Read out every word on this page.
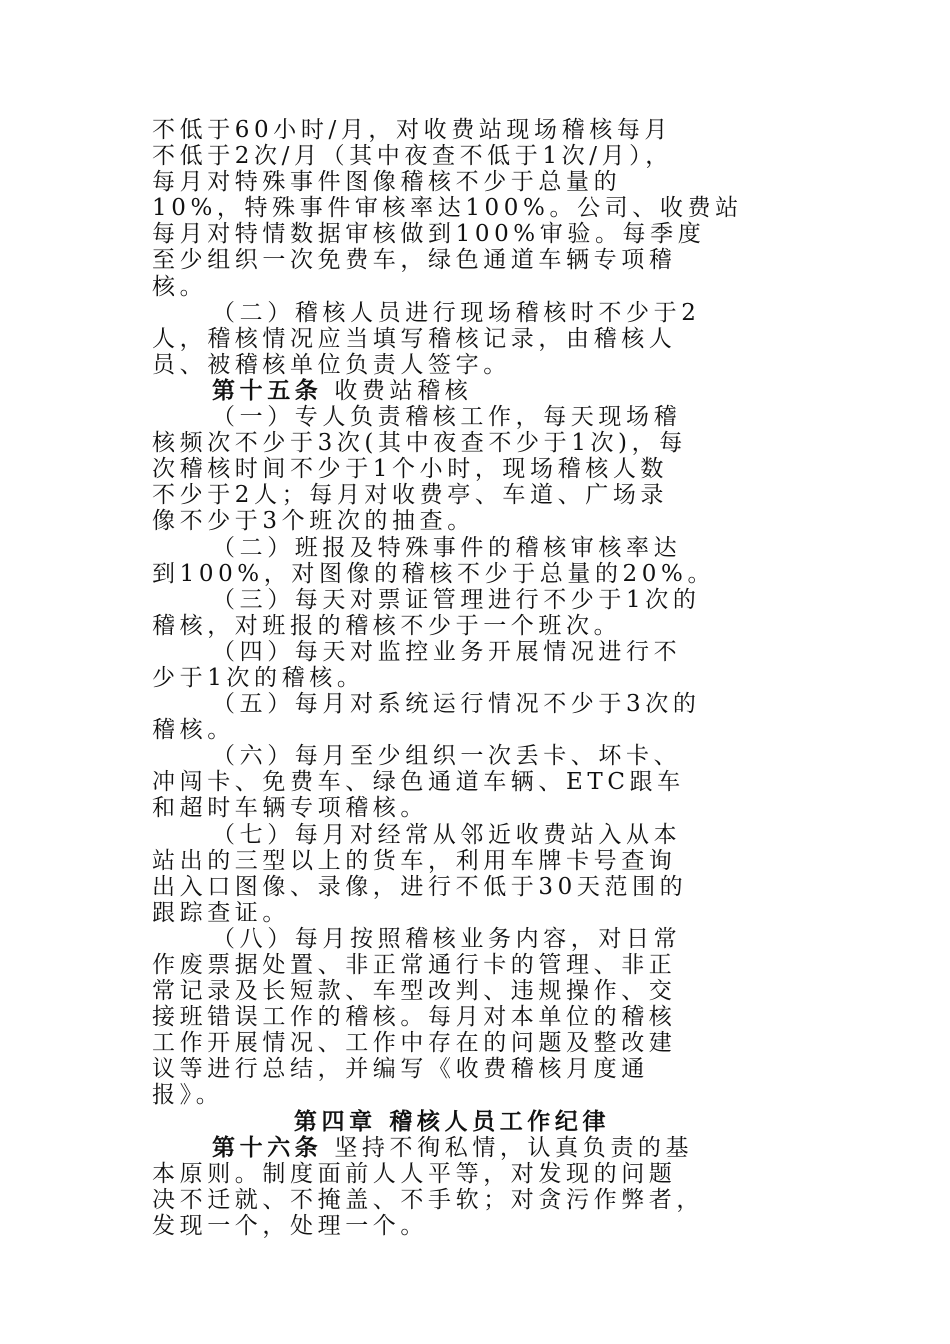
不低于60小时/月，对收费站现场稽核每月
不低于2次/月（其中夜查不低于1次/月），
每月对特殊事件图像稽核不少于总量的
10%，特殊事件审核率达100%。公司、收费站
每月对特情数据审核做到100%审验。每季度
至少组织一次免费车，绿色通道车辆专项稽
核。
（二）稽核人员进行现场稽核时不少于2
人，稽核情况应当填写稽核记录，由稽核人
员、被稽核单位负责人签字。
第十五条 收费站稽核
（一）专人负责稽核工作，每天现场稽
核频次不少于3次(其中夜查不少于1次)，每
次稽核时间不少于1个小时，现场稽核人数
不少于2人；每月对收费亭、车道、广场录
像不少于3个班次的抽查。
（二）班报及特殊事件的稽核审核率达
到100%，对图像的稽核不少于总量的20%。
（三）每天对票证管理进行不少于1次的
稽核，对班报的稽核不少于一个班次。
（四）每天对监控业务开展情况进行不
少于1次的稽核。
（五）每月对系统运行情况不少于3次的
稽核。
（六）每月至少组织一次丢卡、坏卡、
冲闯卡、免费车、绿色通道车辆、ETC跟车
和超时车辆专项稽核。
（七）每月对经常从邻近收费站入从本
站出的三型以上的货车，利用车牌卡号查询
出入口图像、录像，进行不低于30天范围的
跟踪查证。
（八）每月按照稽核业务内容，对日常
作废票据处置、非正常通行卡的管理、非正
常记录及长短款、车型改判、违规操作、交
接班错误工作的稽核。每月对本单位的稽核
工作开展情况、工作中存在的问题及整改建
议等进行总结，并编写《收费稽核月度通
报》。
第四章 稽核人员工作纪律
第十六条 坚持不徇私情，认真负责的基
本原则。制度面前人人平等，对发现的问题
决不迁就、不掩盖、不手软；对贪污作弊者，
发现一个，处理一个。
